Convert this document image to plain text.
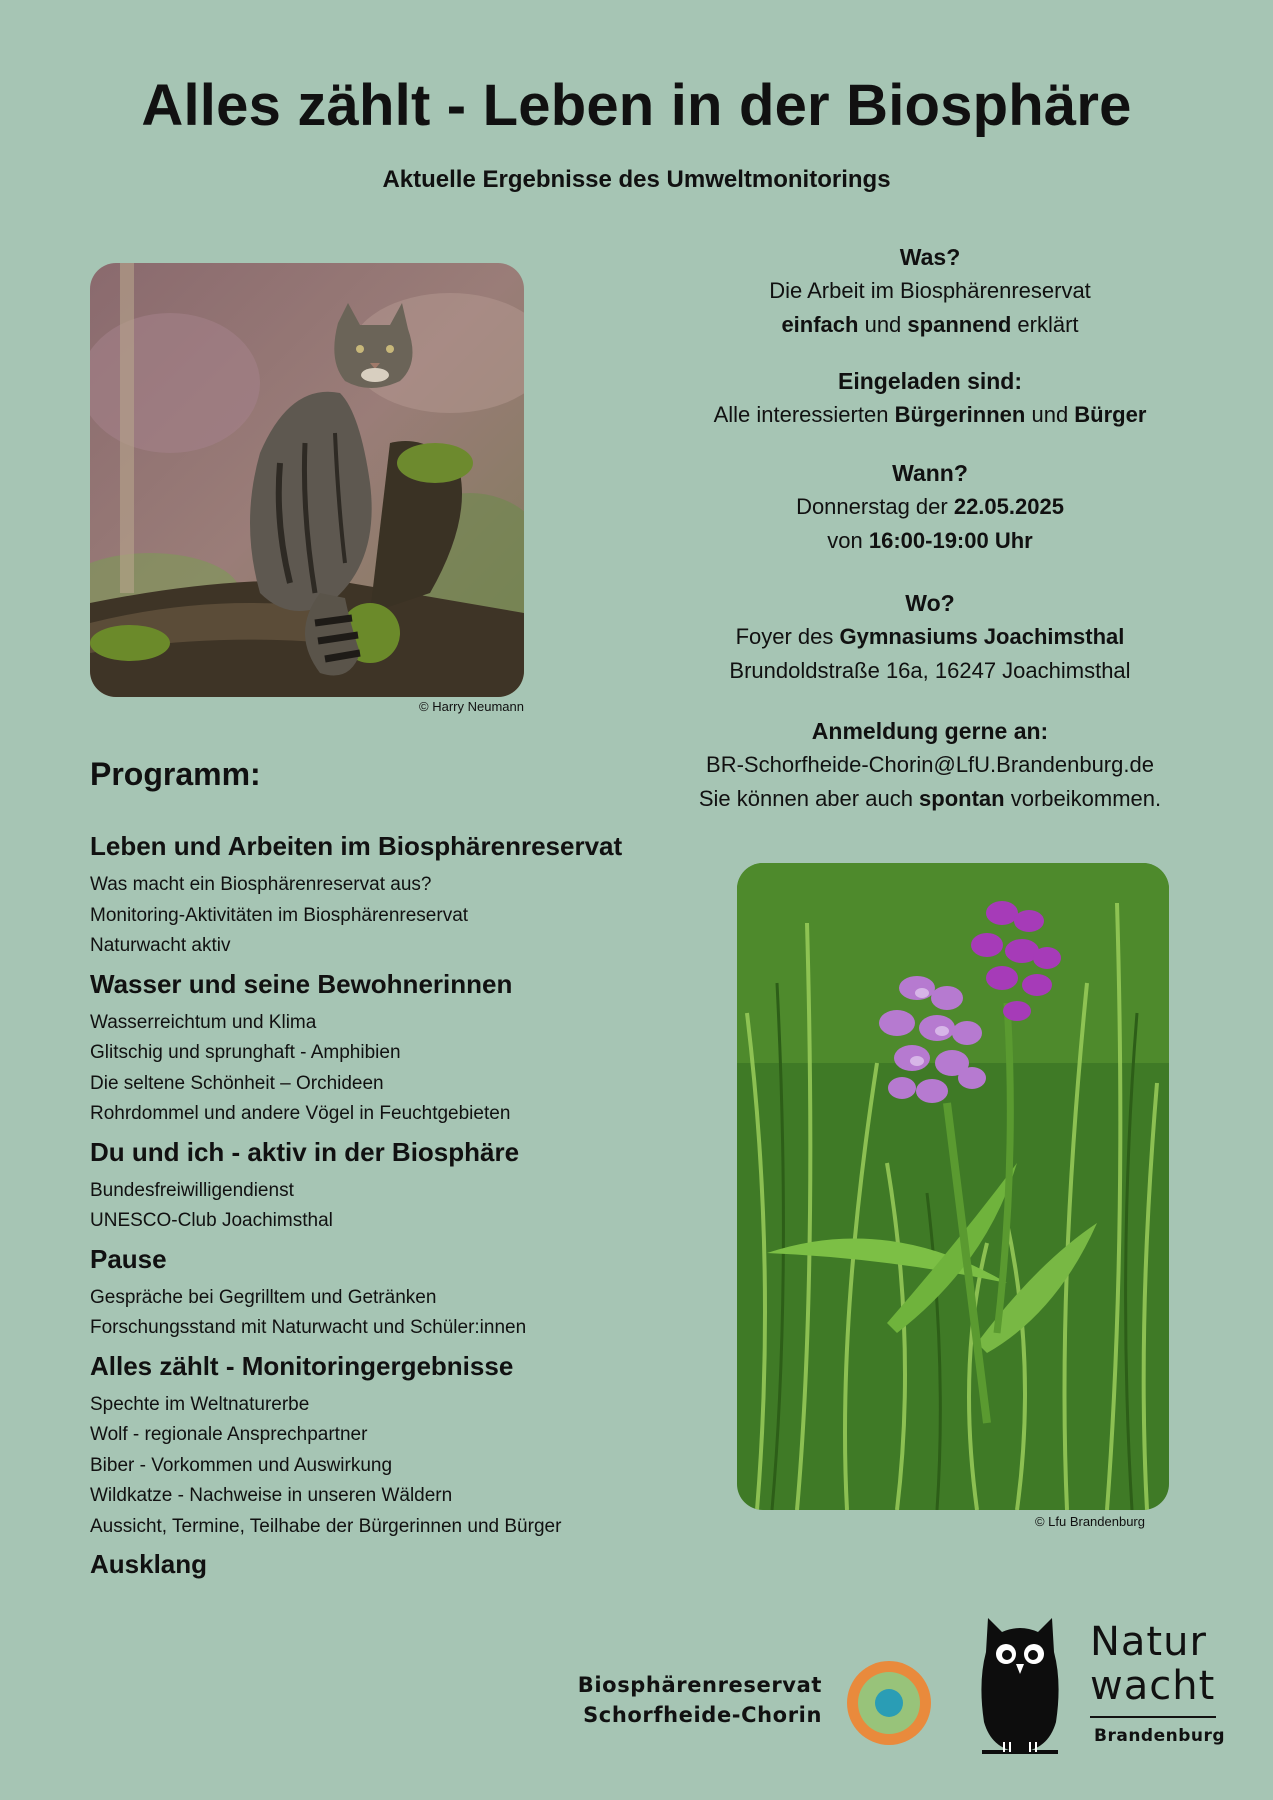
Alles zählt - Leben in der Biosphäre
Aktuelle Ergebnisse des Umweltmonitorings
© Harry Neumann

Was?

Die Arbeit im Biosphärenreservat

einfach und spannend erklärt

Eingeladen sind:

Alle interessierten Bürgerinnen und Bürger

Wann?

Donnerstag der 22.05.2025

von 16:00-19:00 Uhr

Wo?

Foyer des Gymnasiums Joachimsthal

Brundoldstraße 16a, 16247 Joachimsthal

Anmeldung gerne an:

BR-Schorfheide-Chorin@LfU.Brandenburg.de

Sie können aber auch spontan vorbeikommen.

© Lfu Brandenburg
Programm:
Leben und Arbeiten im Biosphärenreservat
Was macht ein Biosphärenreservat aus?
Monitoring-Aktivitäten im Biosphärenreservat
Naturwacht aktiv
Wasser und seine Bewohnerinnen
Wasserreichtum und Klima
Glitschig und sprunghaft - Amphibien
Die seltene Schönheit – Orchideen
Rohrdommel und andere Vögel in Feuchtgebieten
Du und ich - aktiv in der Biosphäre
Bundesfreiwilligendienst
UNESCO-Club Joachimsthal
Pause
Gespräche bei Gegrilltem und Getränken
Forschungsstand mit Naturwacht und Schüler:innen
Alles zählt - Monitoringergebnisse
Spechte im Weltnaturerbe
Wolf - regionale Ansprechpartner
Biber - Vorkommen und Auswirkung
Wildkatze - Nachweise in unseren Wäldern
Aussicht, Termine, Teilhabe der Bürgerinnen und Bürger
Ausklang
Biosphärenreservat
Schorfheide-Chorin
Natur
wacht
Brandenburg
